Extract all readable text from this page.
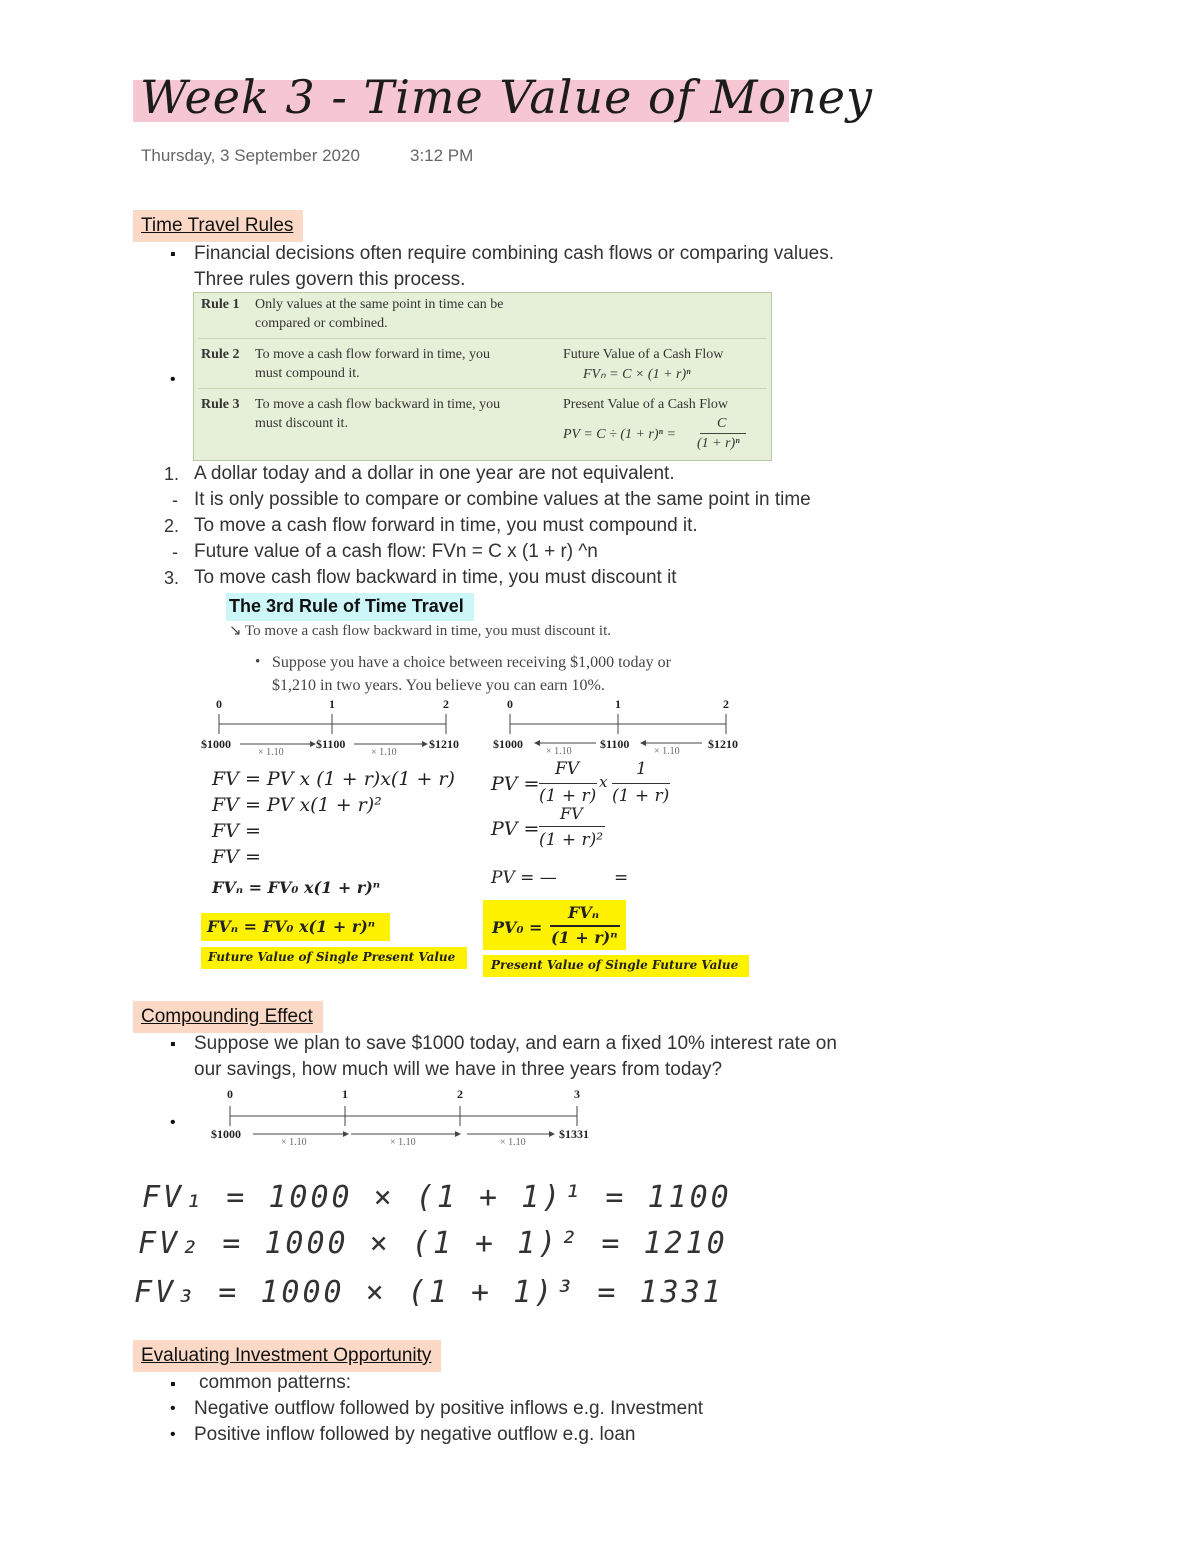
Week 3 - Time Value of Money
Thursday, 3 September 2020	3:12 PM
Time Travel Rules
▪ Financial decisions often require combining cash flows or comparing values.
Three rules govern this process.
•
Rule 1 Only values at the same point in time can be
compared or combined.
Rule 2 To move a cash flow forward in time, you
must compound it.
Future Value of a Cash Flow
FVₙ = C × (1 + r)ⁿ
Rule 3 To move a cash flow backward in time, you
must discount it.
Present Value of a Cash Flow
PV = C ÷ (1 + r)ⁿ =
C
(1 + r)ⁿ
1. A dollar today and a dollar in one year are not equivalent.
- It is only possible to compare or combine values at the same point in time
2. To move a cash flow forward in time, you must compound it.
- Future value of a cash flow: FVn = C x (1 + r) ^n
3. To move cash flow backward in time, you must discount it
The 3rd Rule of Time Travel
↘ To move a cash flow backward in time, you must discount it.
• Suppose you have a choice between receiving $1,000 today or
$1,210 in two years. You believe you can earn 10%.
0	1	2
$1000	$1100	$1210
× 1.10	× 1.10
0	1	2
$1000	$1100	$1210
× 1.10	× 1.10
FV = PV x (1 + r)x(1 + r)
FV = PV x(1 + r)²
FV =
FV =
FVₙ = FV₀ x(1 + r)ⁿ
FVₙ = FV₀ x(1 + r)ⁿ
Future Value of Single Present Value
PV =
FV
(1 + r)
x
1
(1 + r)
PV =
FV
(1 + r)²
PV = —	=
PV₀ =
FVₙ
(1 + r)ⁿ
Present Value of Single Future Value
Compounding Effect
▪ Suppose we plan to save $1000 today, and earn a fixed 10% interest rate on
our savings, how much will we have in three years from today?
•
0	1	2	3
$1000	$1331
× 1.10	× 1.10	× 1.10
FV₁ = 1000 × (1 + 1)¹ = 1100
FV₂ = 1000 × (1 + 1)² = 1210
FV₃ = 1000 × (1 + 1)³ = 1331
Evaluating Investment Opportunity
▪ common patterns:
• Negative outflow followed by positive inflows e.g. Investment
• Positive inflow followed by negative outflow e.g. loan
